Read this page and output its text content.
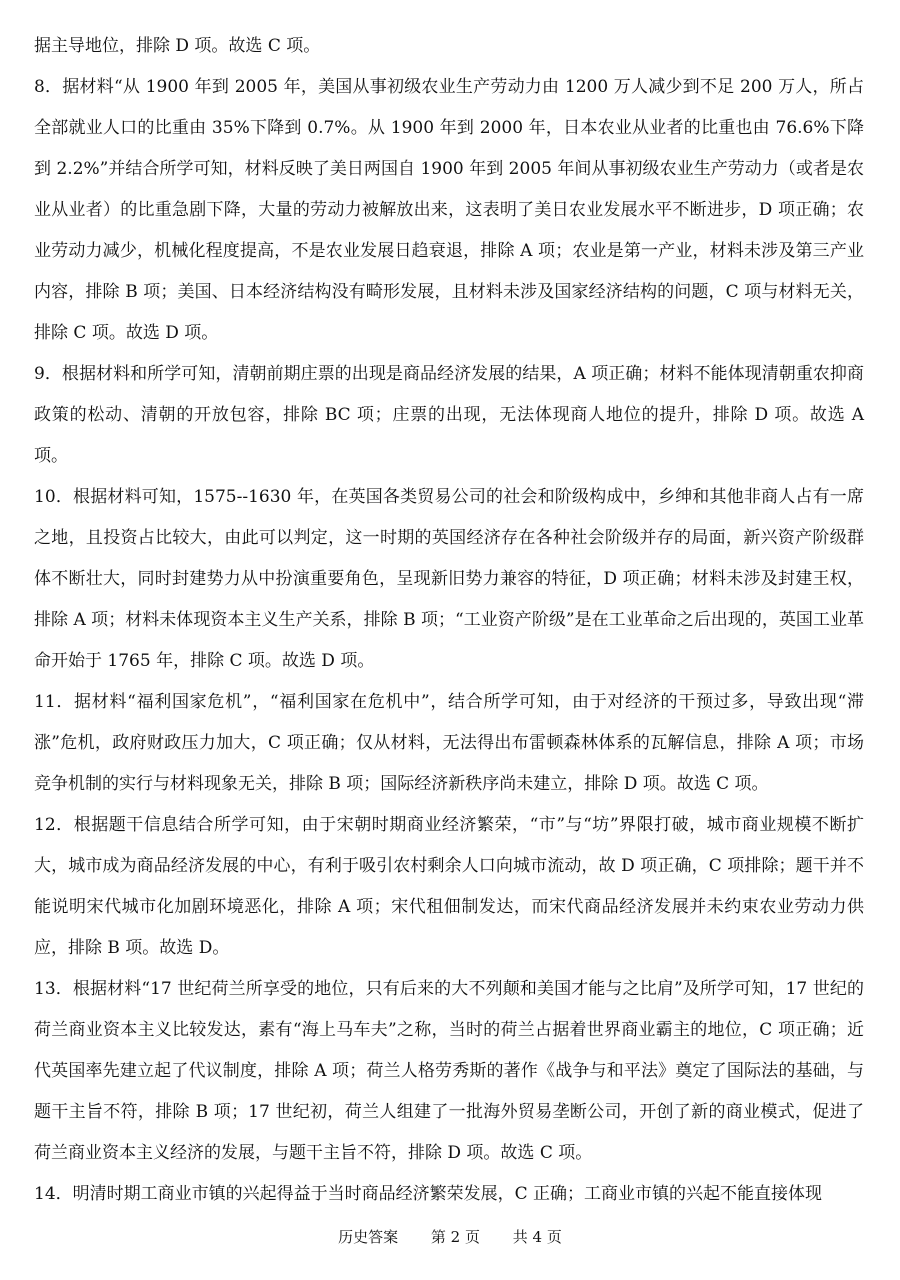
据主导地位，排除 D 项。故选 C 项。

8．据材料“从 1900 年到 2005 年，美国从事初级农业生产劳动力由 1200 万人减少到不足 200 万人，所占全部就业人口的比重由 35%下降到 0.7%。从 1900 年到 2000 年，日本农业从业者的比重也由 76.6%下降到 2.2%”并结合所学可知，材料反映了美日两国自 1900 年到 2005 年间从事初级农业生产劳动力（或者是农业从业者）的比重急剧下降，大量的劳动力被解放出来，这表明了美日农业发展水平不断进步，D 项正确；农业劳动力减少，机械化程度提高，不是农业发展日趋衰退，排除 A 项；农业是第一产业，材料未涉及第三产业内容，排除 B 项；美国、日本经济结构没有畸形发展，且材料未涉及国家经济结构的问题，C 项与材料无关，排除 C 项。故选 D 项。

9．根据材料和所学可知，清朝前期庄票的出现是商品经济发展的结果，A 项正确；材料不能体现清朝重农抑商政策的松动、清朝的开放包容，排除 BC 项；庄票的出现，无法体现商人地位的提升，排除 D 项。故选 A 项。

10．根据材料可知，1575--1630 年，在英国各类贸易公司的社会和阶级构成中，乡绅和其他非商人占有一席之地，且投资占比较大，由此可以判定，这一时期的英国经济存在各种社会阶级并存的局面，新兴资产阶级群体不断壮大，同时封建势力从中扮演重要角色，呈现新旧势力兼容的特征，D 项正确；材料未涉及封建王权，排除 A 项；材料未体现资本主义生产关系，排除 B 项；“工业资产阶级”是在工业革命之后出现的，英国工业革命开始于 1765 年，排除 C 项。故选 D 项。

11．据材料“福利国家危机”，“福利国家在危机中”，结合所学可知，由于对经济的干预过多，导致出现“滞涨”危机，政府财政压力加大，C 项正确；仅从材料，无法得出布雷顿森林体系的瓦解信息，排除 A 项；市场竞争机制的实行与材料现象无关，排除 B 项；国际经济新秩序尚未建立，排除 D 项。故选 C 项。

12．根据题干信息结合所学可知，由于宋朝时期商业经济繁荣，“市”与“坊”界限打破，城市商业规模不断扩大，城市成为商品经济发展的中心，有利于吸引农村剩余人口向城市流动，故 D 项正确，C 项排除；题干并不能说明宋代城市化加剧环境恶化，排除 A 项；宋代租佃制发达，而宋代商品经济发展并未约束农业劳动力供应，排除 B 项。故选 D。

13．根据材料“17 世纪荷兰所享受的地位，只有后来的大不列颠和美国才能与之比肩”及所学可知，17 世纪的荷兰商业资本主义比较发达，素有“海上马车夫”之称，当时的荷兰占据着世界商业霸主的地位，C 项正确；近代英国率先建立起了代议制度，排除 A 项；荷兰人格劳秀斯的著作《战争与和平法》奠定了国际法的基础，与题干主旨不符，排除 B 项；17 世纪初，荷兰人组建了一批海外贸易垄断公司，开创了新的商业模式，促进了荷兰商业资本主义经济的发展，与题干主旨不符，排除 D 项。故选 C 项。

14．明清时期工商业市镇的兴起得益于当时商品经济繁荣发展，C 正确；工商业市镇的兴起不能直接体现

历史答案 第 2 页 共 4 页
